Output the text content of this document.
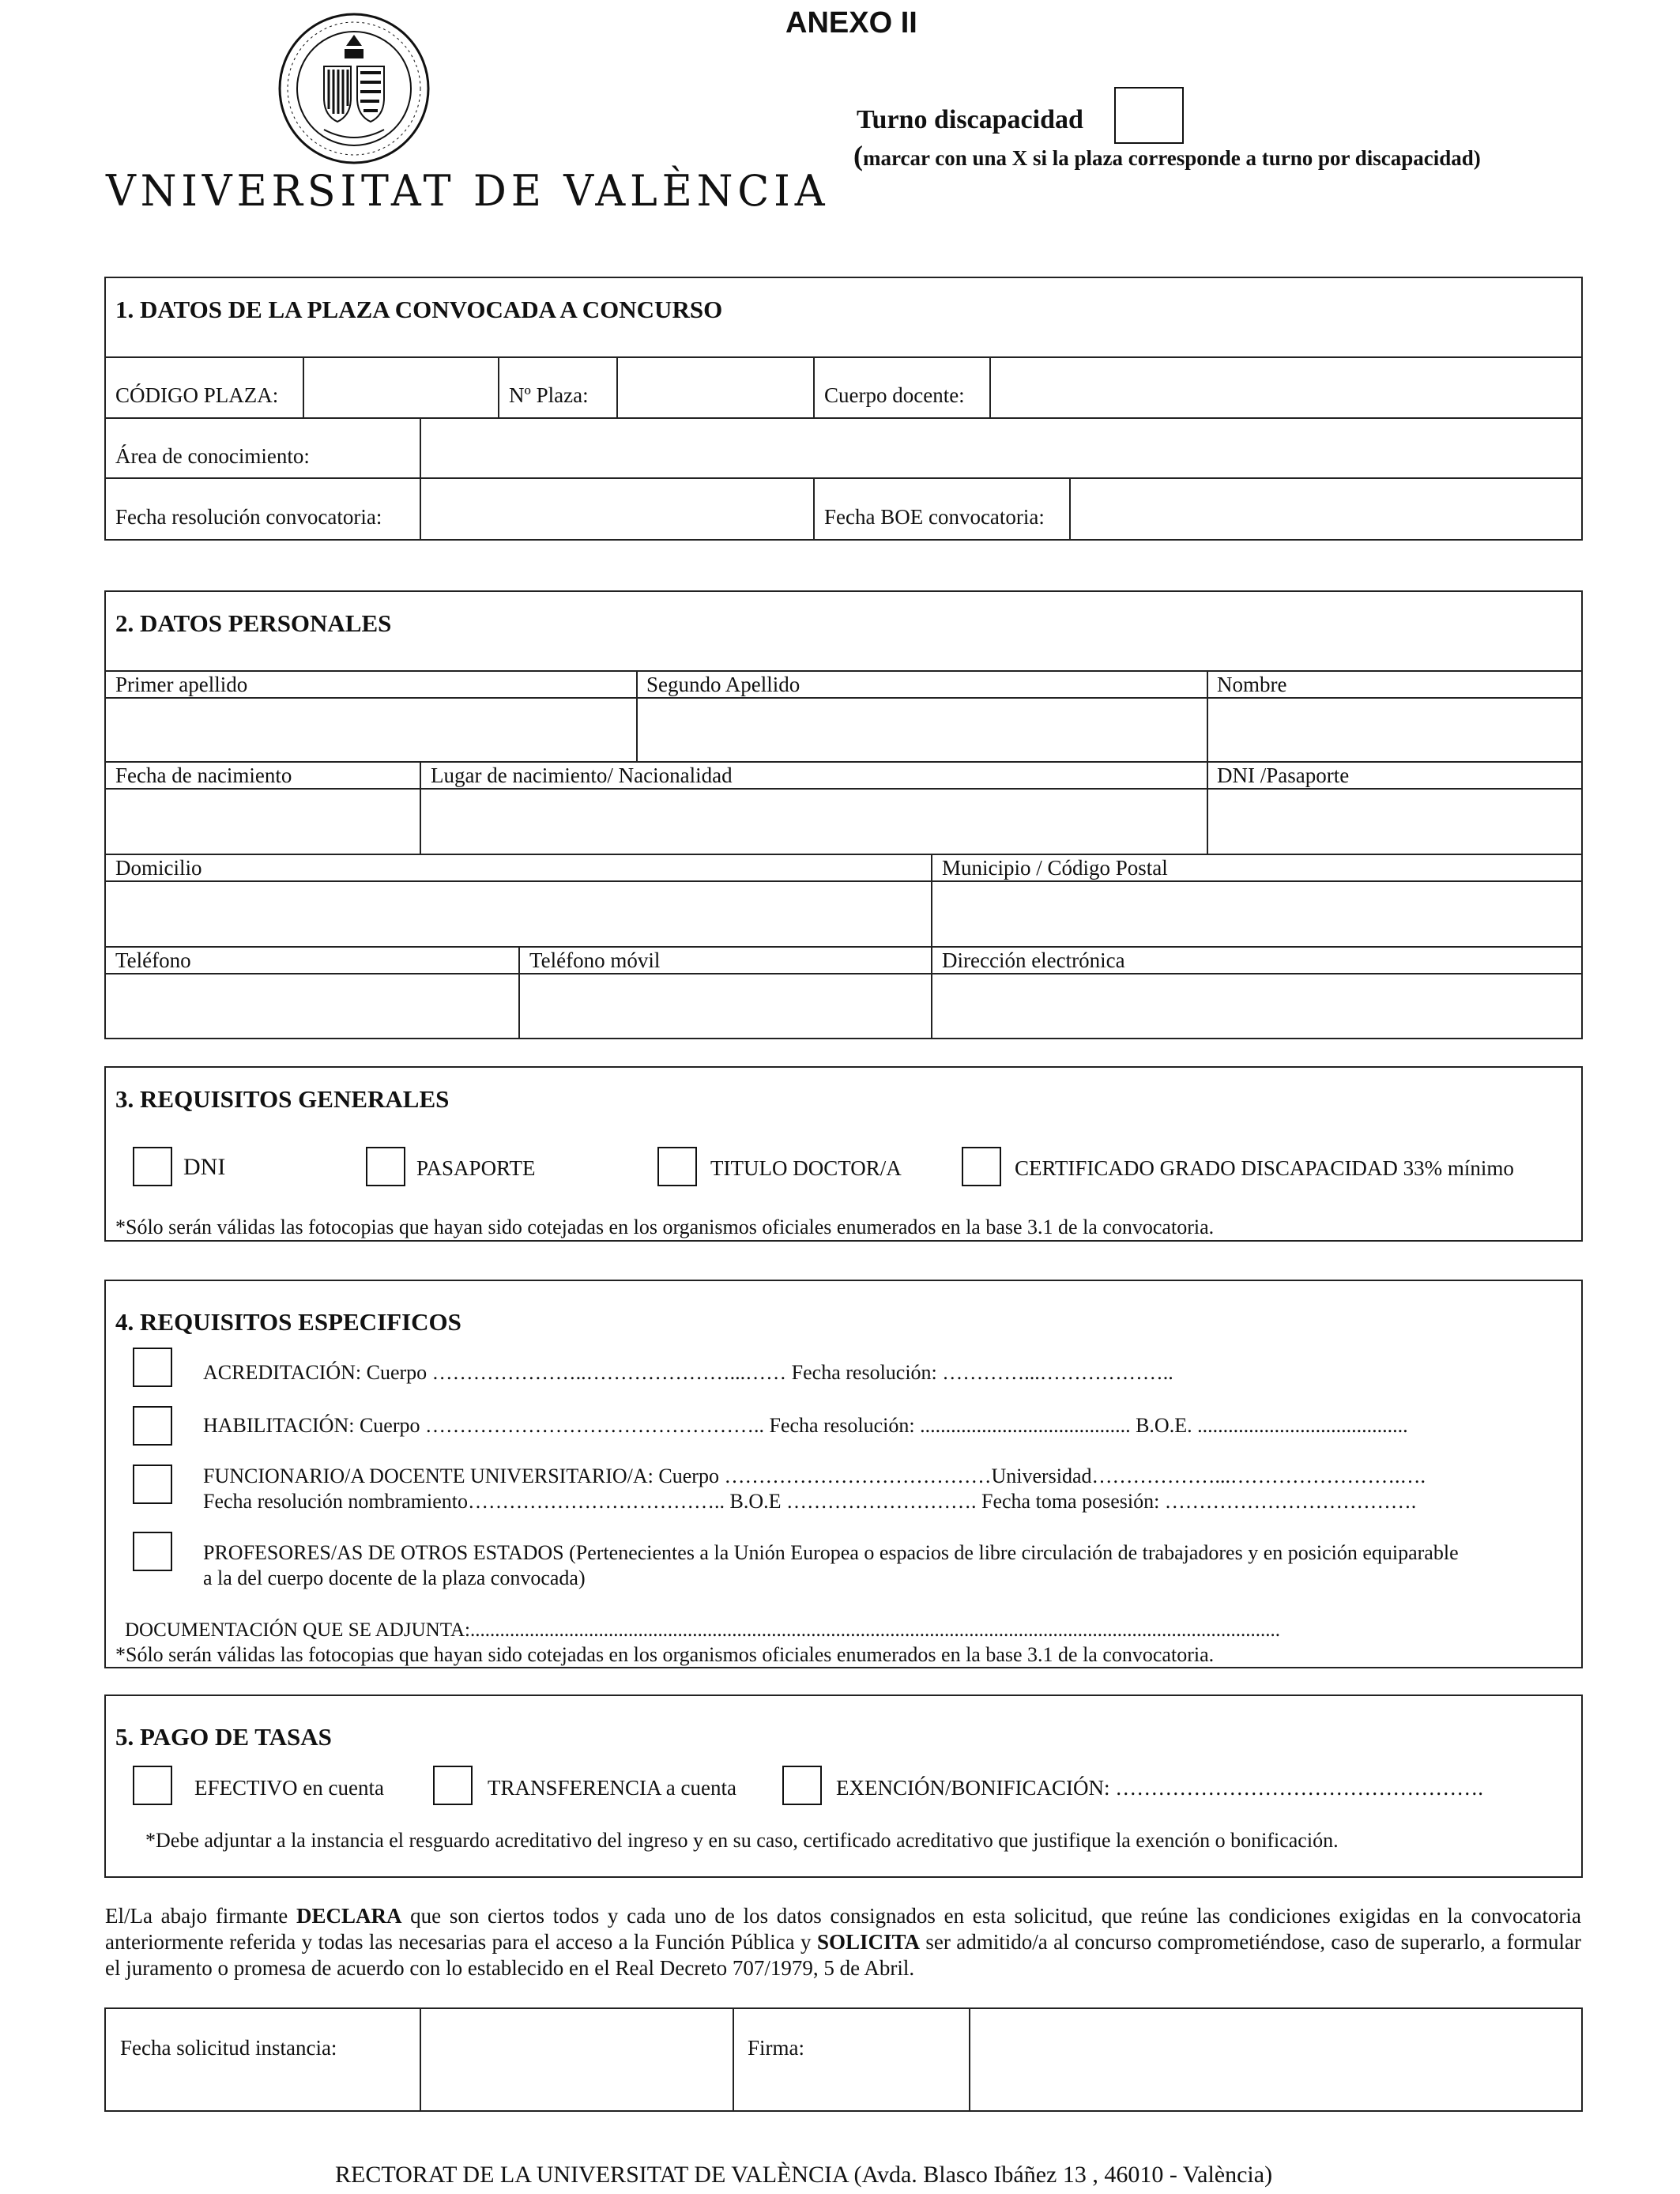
VNIVERSITAT DE VALÈNCIA
ANEXO II
Turno discapacidad
(marcar con una X si la plaza corresponde a turno por discapacidad)
1. DATOS DE LA PLAZA CONVOCADA A CONCURSO
CÓDIGO PLAZA:	Nº Plaza:	Cuerpo docente:
Área de conocimiento:
Fecha resolución convocatoria:	Fecha BOE convocatoria:
2. DATOS PERSONALES
Primer apellido	Segundo Apellido	Nombre
Fecha de nacimiento	Lugar de nacimiento/ Nacionalidad	DNI /Pasaporte
Domicilio	Municipio / Código Postal
Teléfono	Teléfono móvil	Dirección electrónica
3. REQUISITOS GENERALES
DNI	PASAPORTE	TITULO DOCTOR/A	CERTIFICADO GRADO DISCAPACIDAD 33% mínimo
*Sólo serán válidas las fotocopias que hayan sido cotejadas en los organismos oficiales enumerados en la base 3.1 de la convocatoria.
4. REQUISITOS ESPECIFICOS
ACREDITACIÓN: Cuerpo …………………..…………………...…… Fecha resolución: …………...………………..
HABILITACIÓN: Cuerpo ………………………………………….. Fecha resolución: ......................................... B.O.E. .........................................
FUNCIONARIO/A DOCENTE UNIVERSITARIO/A: Cuerpo …………………………………Universidad………………...…………………….….
Fecha resolución nombramiento……………………………….. B.O.E ………………………. Fecha toma posesión: ……………………………….
PROFESORES/AS DE OTROS ESTADOS (Pertenecientes a la Unión Europea o espacios de libre circulación de trabajadores y en posición equiparable
a la del cuerpo docente de la plaza convocada)
DOCUMENTACIÓN QUE SE ADJUNTA:....................................................................................................................................................................
*Sólo serán válidas las fotocopias que hayan sido cotejadas en los organismos oficiales enumerados en la base 3.1 de la convocatoria.
5. PAGO DE TASAS
EFECTIVO en cuenta	TRANSFERENCIA a cuenta	EXENCIÓN/BONIFICACIÓN: …………………………………………….
*Debe adjuntar a la instancia el resguardo acreditativo del ingreso y en su caso, certificado acreditativo que justifique la exención o bonificación.
El/La abajo firmante DECLARA que son ciertos todos y cada uno de los datos consignados en esta solicitud, que reúne las condiciones exigidas en la convocatoria anteriormente referida y todas las necesarias para el acceso a la Función Pública y SOLICITA ser admitido/a al concurso comprometiéndose, caso de superarlo, a formular el juramento o promesa de acuerdo con lo establecido en el Real Decreto 707/1979, 5 de Abril.
Fecha solicitud instancia:	Firma:
RECTORAT DE LA UNIVERSITAT DE VALÈNCIA (Avda. Blasco Ibáñez 13 , 46010 - València)
